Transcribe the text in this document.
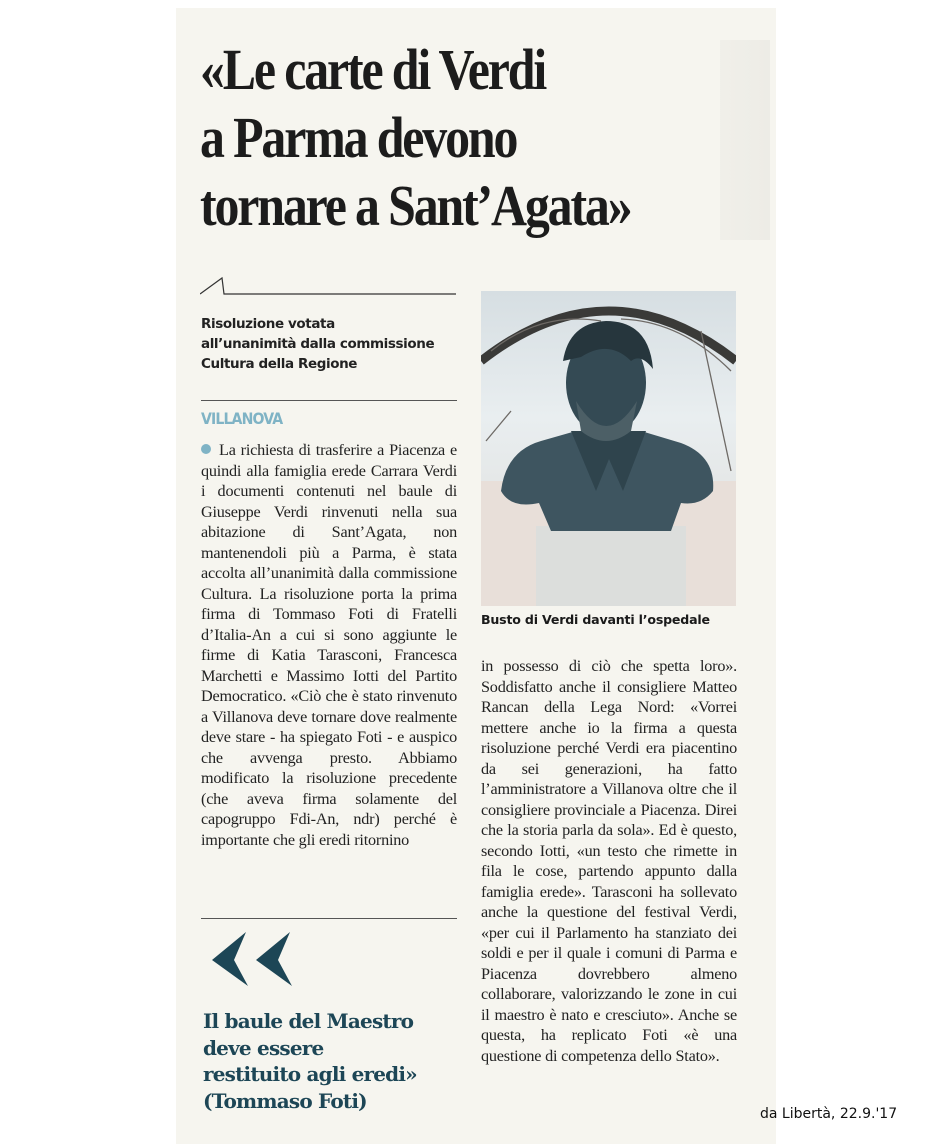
«Le carte di Verdi
a Parma devono
tornare a Sant’Agata»
Risoluzione votata
all’unanimità dalla commissione
Cultura della Regione
VILLANOVA
La richiesta di trasferire a Piacenza e quindi alla famiglia erede Carrara Verdi i documenti contenuti nel baule di Giuseppe Verdi rinvenuti nella sua abitazione di Sant’Agata, non mantenendoli più a Parma, è stata accolta all’unanimità dalla commissione Cultura. La risoluzione porta la prima firma di Tommaso Foti di Fratelli d’Italia-An a cui si sono aggiunte le firme di Katia Tarasconi, Francesca Marchetti e Massimo Iotti del Partito Democratico. «Ciò che è stato rinvenuto a Villanova deve tornare dove realmente deve stare - ha spiegato Foti - e auspico che avvenga presto. Abbiamo modificato la risoluzione precedente (che aveva firma solamente del capogruppo Fdi-An, ndr) perché è importante che gli eredi ritornino
Il baule del Maestro
deve essere
restituito agli eredi»
(Tommaso Foti)
Busto di Verdi davanti l’ospedale
in possesso di ciò che spetta loro». Soddisfatto anche il consigliere Matteo Rancan della Lega Nord: «Vorrei mettere anche io la firma a questa risoluzione perché Verdi era piacentino da sei generazioni, ha fatto l’amministratore a Villanova oltre che il consigliere provinciale a Piacenza. Direi che la storia parla da sola». Ed è questo, secondo Iotti, «un testo che rimette in fila le cose, partendo appunto dalla famiglia erede». Tarasconi ha sollevato anche la questione del festival Verdi, «per cui il Parlamento ha stanziato dei soldi e per il quale i comuni di Parma e Piacenza dovrebbero almeno collaborare, valorizzando le zone in cui il maestro è nato e cresciuto». Anche se questa, ha replicato Foti «è una questione di competenza dello Stato».
da Libertà, 22.9.'17
